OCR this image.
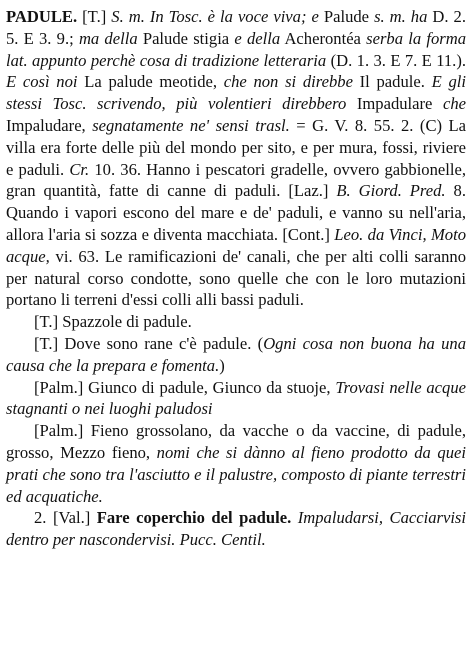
PADULE. [T.] S. m. In Tosc. è la voce viva; e Palude s. m. ha D. 2. 5. E 3. 9.; ma della Palude stigia e della Acherontéa serba la forma lat. appunto perchè cosa di tradizione letteraria (D. 1. 3. E 7. E 11.). E così noi La palude meotide, che non si direbbe Il padule. E gli stessi Tosc. scrivendo, più volentieri direbbero Impadulare che Impaludare, segnatamente ne' sensi trasl. = G. V. 8. 55. 2. (C) La villa era forte delle più del mondo per sito, e per mura, fossi, riviere e paduli. Cr. 10. 36. Hanno i pescatori gradelle, ovvero gabbionelle, gran quantità, fatte di canne di paduli. [Laz.] B. Giord. Pred. 8. Quando i vapori escono del mare e de' paduli, e vanno su nell'aria, allora l'aria si sozza e diventa macchiata. [Cont.] Leo. da Vinci, Moto acque, vi. 63. Le ramificazioni de' canali, che per alti colli saranno per natural corso condotte, sono quelle che con le loro mutazioni portano li terreni d'essi colli alli bassi paduli.

[T.] Spazzole di padule.

[T.] Dove sono rane c'è padule. (Ogni cosa non buona ha una causa che la prepara e fomenta.)

[Palm.] Giunco di padule, Giunco da stuoje, Trovasi nelle acque stagnanti o nei luoghi paludosi

[Palm.] Fieno grossolano, da vacche o da vaccine, di padule, grosso, Mezzo fieno, nomi che si dànno al fieno prodotto da quei prati che sono tra l'asciutto e il palustre, composto di piante terrestri ed acquatiche.

2. [Val.] Fare coperchio del padule. Impaludarsi, Cacciarvisi dentro per nascondervisi. Pucc. Centil.
